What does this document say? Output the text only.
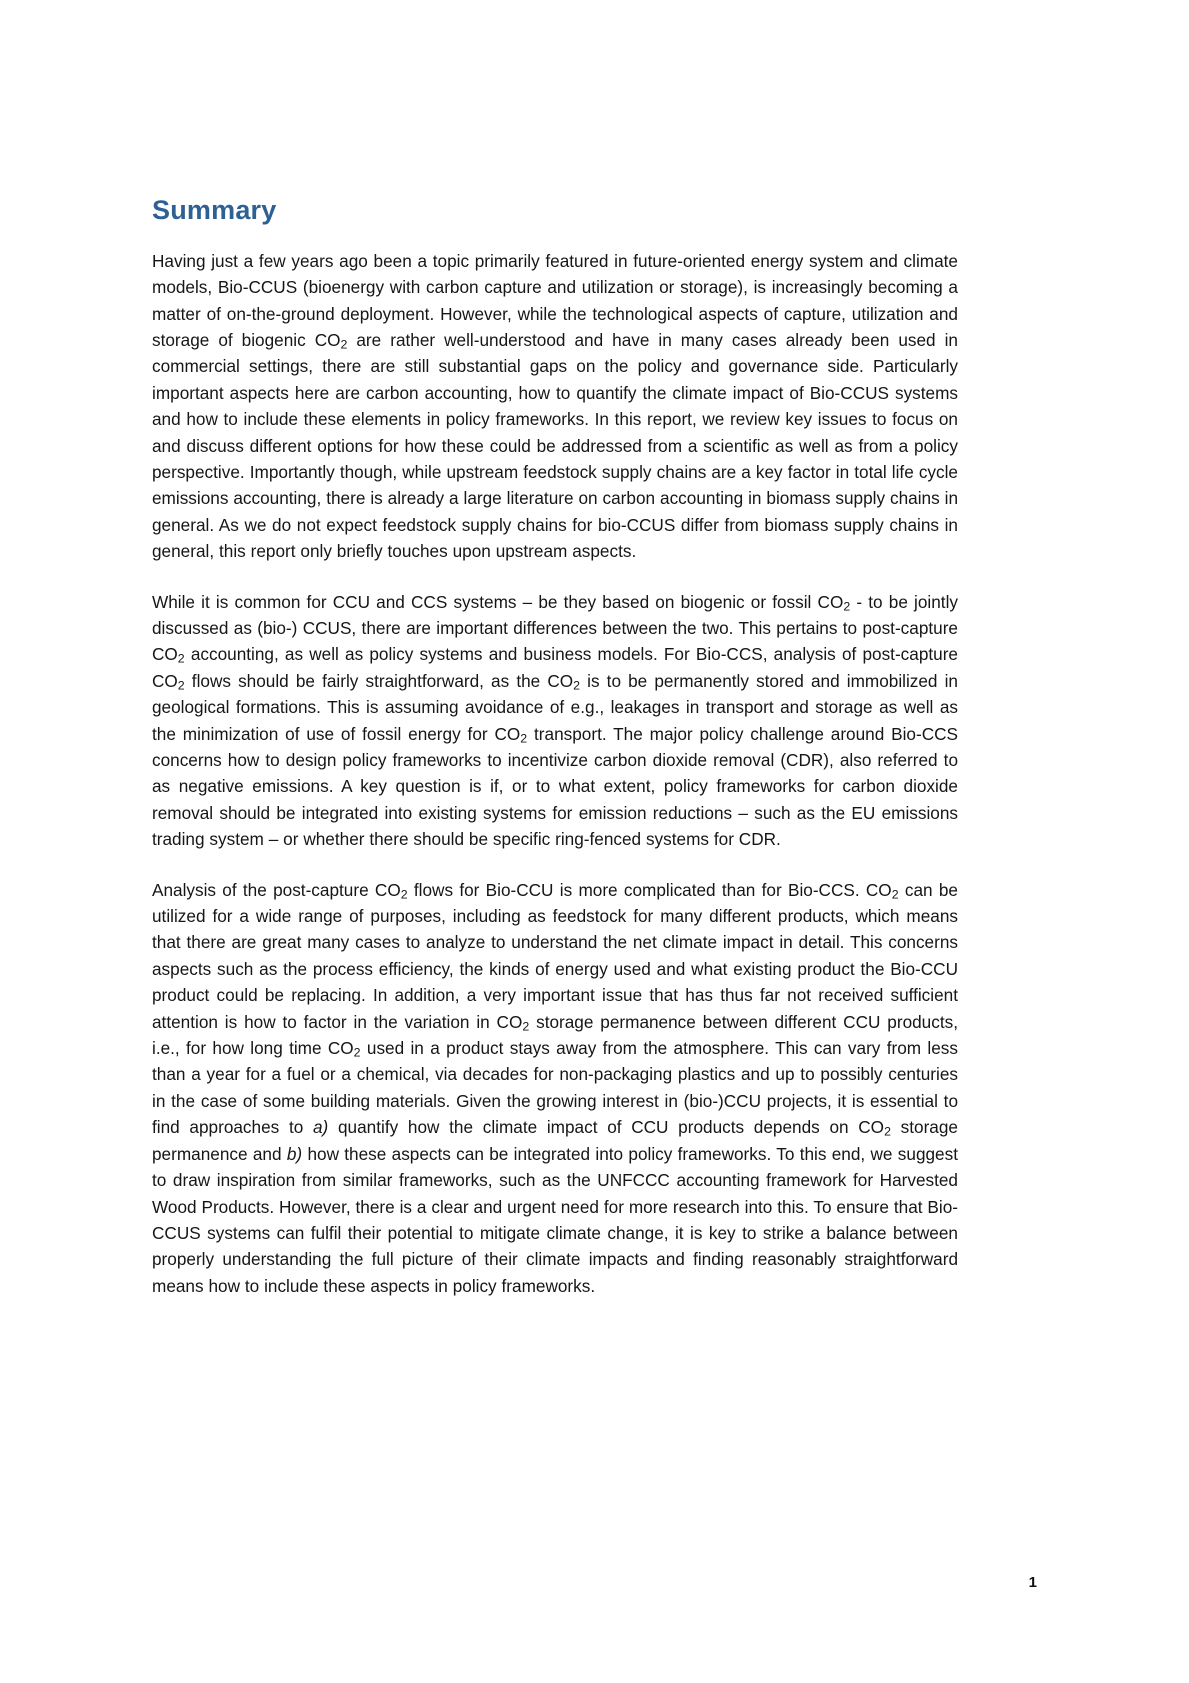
Summary

Having just a few years ago been a topic primarily featured in future-oriented energy system and climate models, Bio-CCUS (bioenergy with carbon capture and utilization or storage), is increasingly becoming a matter of on-the-ground deployment. However, while the technological aspects of capture, utilization and storage of biogenic $CO_2$ are rather well-understood and have in many cases already been used in commercial settings, there are still substantial gaps on the policy and governance side. Particularly important aspects here are carbon accounting, how to quantify the climate impact of Bio-CCUS systems and how to include these elements in policy frameworks. In this report, we review key issues to focus on and discuss different options for how these could be addressed from a scientific as well as from a policy perspective. Importantly though, while upstream feedstock supply chains are a key factor in total life cycle emissions accounting, there is already a large literature on carbon accounting in biomass supply chains in general. As we do not expect feedstock supply chains for bio-CCUS differ from biomass supply chains in general, this report only briefly touches upon upstream aspects.

While it is common for CCU and CCS systems – be they based on biogenic or fossil $CO_2$ - to be jointly discussed as (bio-) CCUS, there are important differences between the two. This pertains to post-capture $CO_2$ accounting, as well as policy systems and business models. For Bio-CCS, analysis of post-capture $CO_2$ flows should be fairly straightforward, as the $CO_2$ is to be permanently stored and immobilized in geological formations. This is assuming avoidance of e.g., leakages in transport and storage as well as the minimization of use of fossil energy for $CO_2$ transport. The major policy challenge around Bio-CCS concerns how to design policy frameworks to incentivize carbon dioxide removal (CDR), also referred to as negative emissions. A key question is if, or to what extent, policy frameworks for carbon dioxide removal should be integrated into existing systems for emission reductions – such as the EU emissions trading system – or whether there should be specific ring-fenced systems for CDR.

Analysis of the post-capture $CO_2$ flows for Bio-CCU is more complicated than for Bio-CCS. $CO_2$ can be utilized for a wide range of purposes, including as feedstock for many different products, which means that there are great many cases to analyze to understand the net climate impact in detail. This concerns aspects such as the process efficiency, the kinds of energy used and what existing product the Bio-CCU product could be replacing. In addition, a very important issue that has thus far not received sufficient attention is how to factor in the variation in $CO_2$ storage permanence between different CCU products, i.e., for how long time $CO_2$ used in a product stays away from the atmosphere. This can vary from less than a year for a fuel or a chemical, via decades for non-packaging plastics and up to possibly centuries in the case of some building materials. Given the growing interest in (bio-)CCU projects, it is essential to find approaches to a) quantify how the climate impact of CCU products depends on $CO_2$ storage permanence and b) how these aspects can be integrated into policy frameworks. To this end, we suggest to draw inspiration from similar frameworks, such as the UNFCCC accounting framework for Harvested Wood Products. However, there is a clear and urgent need for more research into this. To ensure that Bio-CCUS systems can fulfil their potential to mitigate climate change, it is key to strike a balance between properly understanding the full picture of their climate impacts and finding reasonably straightforward means how to include these aspects in policy frameworks.

1
